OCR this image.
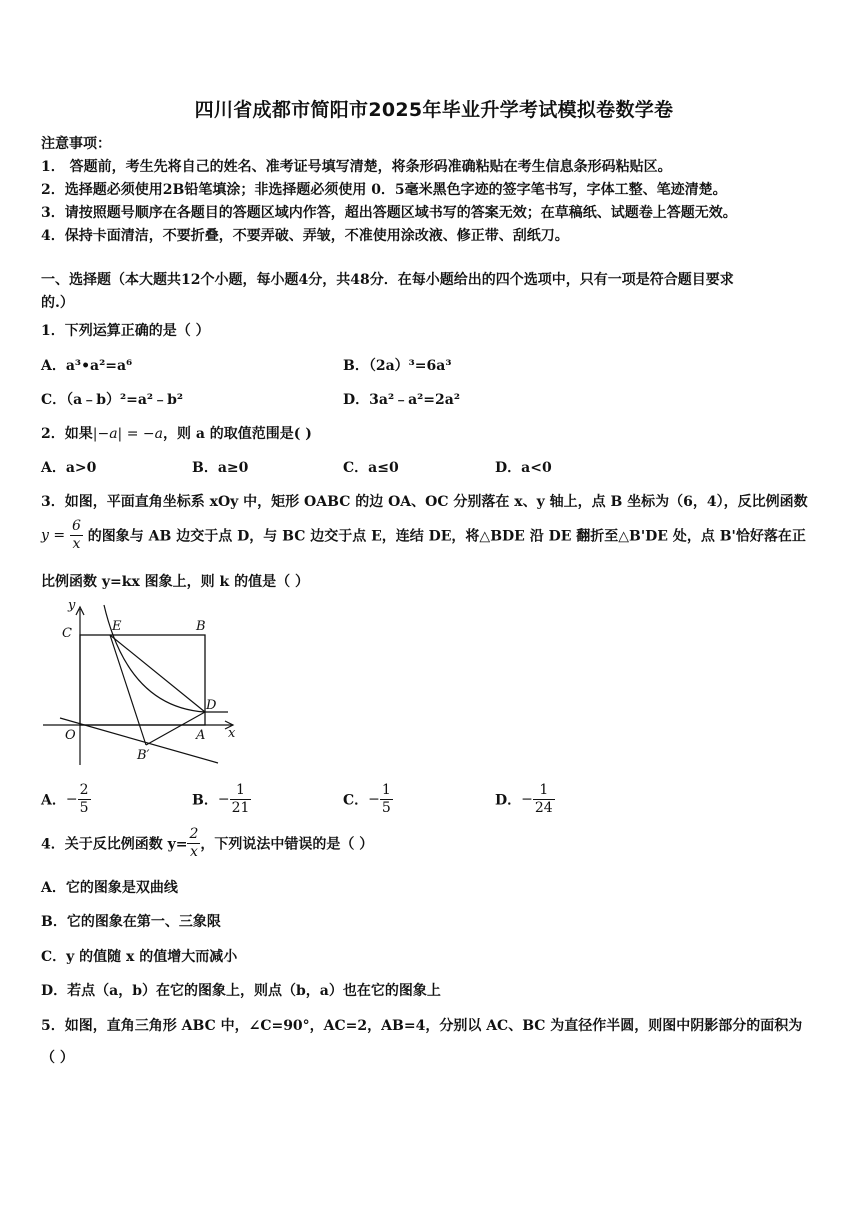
四川省成都市简阳市2025年毕业升学考试模拟卷数学卷
注意事项：
1． 答题前，考生先将自己的姓名、准考证号填写清楚，将条形码准确粘贴在考生信息条形码粘贴区。
2．选择题必须使用2B铅笔填涂；非选择题必须使用 0．5毫米黑色字迹的签字笔书写，字体工整、笔迹清楚。
3．请按照题号顺序在各题目的答题区域内作答，超出答题区域书写的答案无效；在草稿纸、试题卷上答题无效。
4．保持卡面清洁，不要折叠，不要弄破、弄皱，不准使用涂改液、修正带、刮纸刀。
一、选择题（本大题共12个小题，每小题4分，共48分．在每小题给出的四个选项中，只有一项是符合题目要求
的.）
1．下列运算正确的是（ ）
A．a³•a²=a⁶	B．（2a）³=6a³
C．（a﹣b）²=a²﹣b²	D．3a²﹣a²=2a²
2．如果|−a| = −a，则 a 的取值范围是( )
A．a>0	B．a≥0	C．a≤0	D．a<0
3．如图，平面直角坐标系 xOy 中，矩形 OABC 的边 OA、OC 分别落在 x、y 轴上，点 B 坐标为（6，4），反比例函数
$y = \frac{6}{x}$ 的图象与 AB 边交于点 D，与 BC 边交于点 E，连结 DE，将△BDE 沿 DE 翻折至△B'DE 处，点 B'恰好落在正
比例函数 y=kx 图象上，则 k 的值是（ ）
y
x
C	E	B
D
O	A
B′
A．− $\frac{2}{5}$	B．− $\frac{1}{21}$	C．− $\frac{1}{5}$	D．− $\frac{1}{24}$
4．关于反比例函数 $y= \frac{2}{x}$ ，下列说法中错误的是（ ）
A．它的图象是双曲线
B．它的图象在第一、三象限
C．y 的值随 x 的值增大而减小
D．若点（a，b）在它的图象上，则点（b，a）也在它的图象上
5．如图，直角三角形 ABC 中，∠C=90°，AC=2，AB=4，分别以 AC、BC 为直径作半圆，则图中阴影部分的面积为
（ ）
